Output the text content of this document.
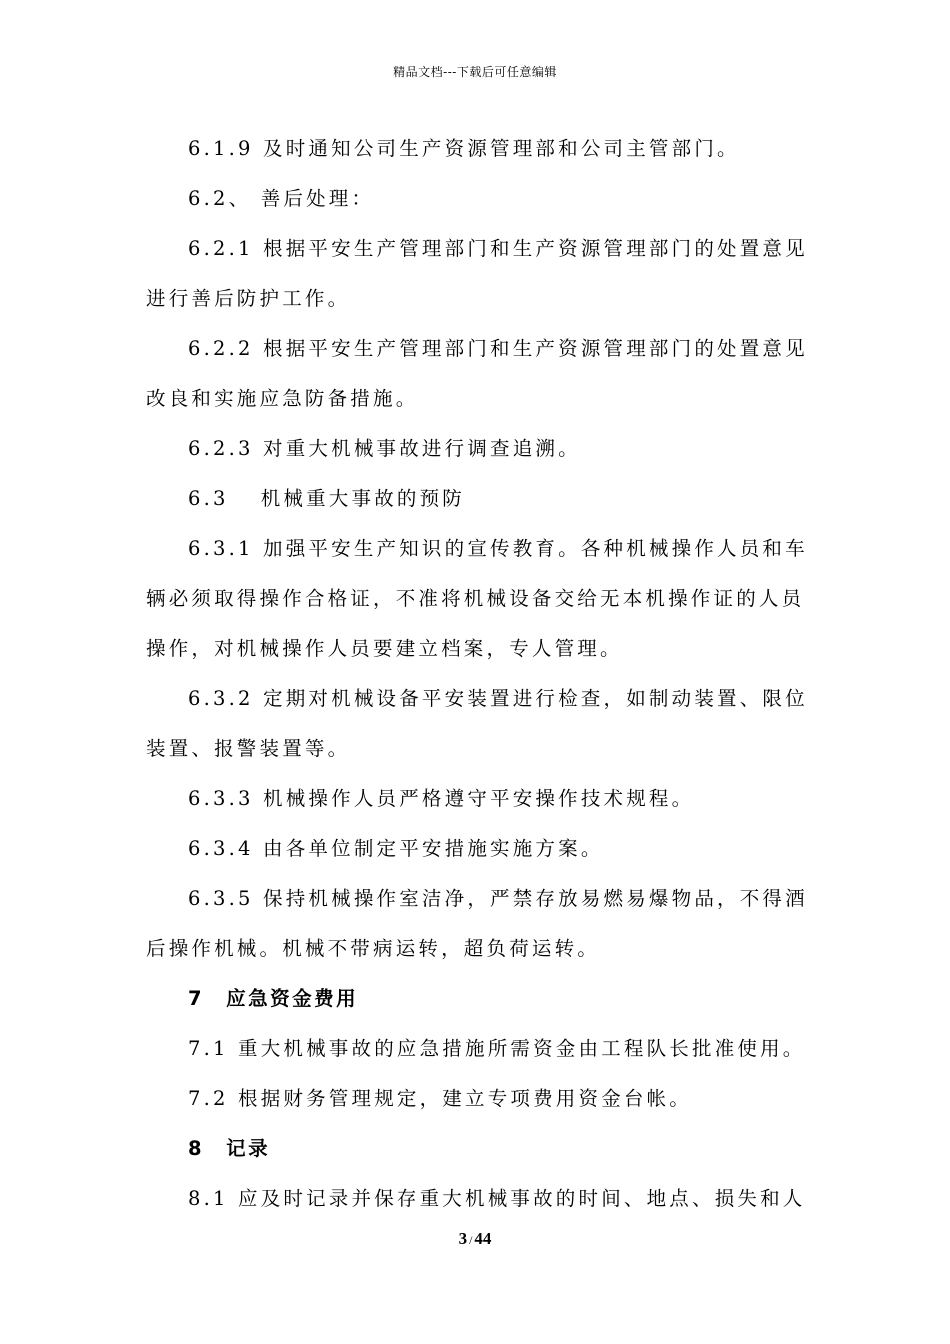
精品文档---下载后可任意编辑

6.1.9 及时通知公司生产资源管理部和公司主管部门。

6.2、 善后处理：

6.2.1 根据平安生产管理部门和生产资源管理部门的处置意见

进行善后防护工作。

6.2.2 根据平安生产管理部门和生产资源管理部门的处置意见

改良和实施应急防备措施。

6.2.3 对重大机械事故进行调查追溯。

6.3　 机械重大事故的预防

6.3.1 加强平安生产知识的宣传教育。各种机械操作人员和车

辆必须取得操作合格证，不准将机械设备交给无本机操作证的人员

操作，对机械操作人员要建立档案，专人管理。

6.3.2 定期对机械设备平安装置进行检查，如制动装置、限位

装置、报警装置等。

6.3.3 机械操作人员严格遵守平安操作技术规程。

6.3.4 由各单位制定平安措施实施方案。

6.3.5 保持机械操作室洁净，严禁存放易燃易爆物品，不得酒

后操作机械。机械不带病运转，超负荷运转。

7　应急资金费用

7.1 重大机械事故的应急措施所需资金由工程队长批准使用。

7.2 根据财务管理规定，建立专项费用资金台帐。

8　记录

8.1 应及时记录并保存重大机械事故的时间、地点、损失和人

3 / 44
